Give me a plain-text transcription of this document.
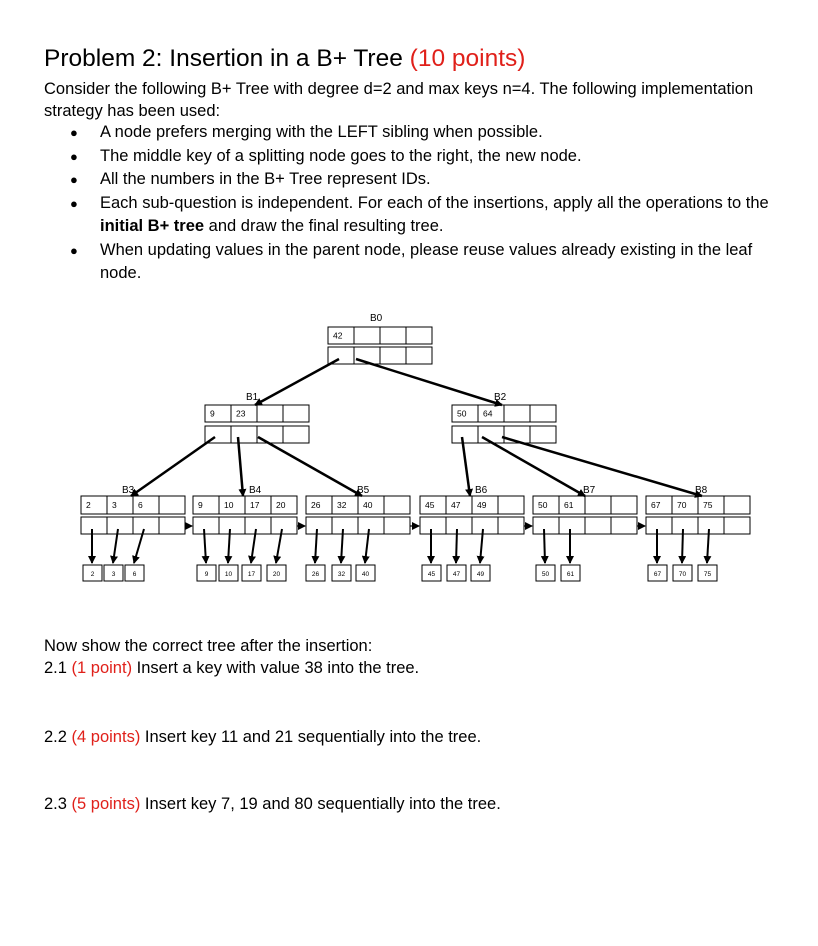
Problem 2: Insertion in a B+ Tree (10 points)
Consider the following B+ Tree with degree d=2 and max keys n=4. The following implementation strategy has been used:
● A node prefers merging with the LEFT sibling when possible.
● The middle key of a splitting node goes to the right, the new node.
● All the numbers in the B+ Tree represent IDs.
● Each sub-question is independent. For each of the insertions, apply all the operations to the initial B+ tree and draw the final resulting tree.
● When updating values in the parent node, please reuse values already existing in the leaf node.
42
B0
9	23
B1
50 64
B2
2	3	6
B3
9	10 17 20
B4
26 32 40
B5
45 47 49
B6
50 61
B7
67 70 75
B8
2	3	6	9	10 17	20	26	32	40	45	47	49	50	61	67	70	75
Now show the correct tree after the insertion:
2.1 (1 point) Insert a key with value 38 into the tree.
2.2 (4 points) Insert key 11 and 21 sequentially into the tree.
2.3 (5 points) Insert key 7, 19 and 80 sequentially into the tree.
